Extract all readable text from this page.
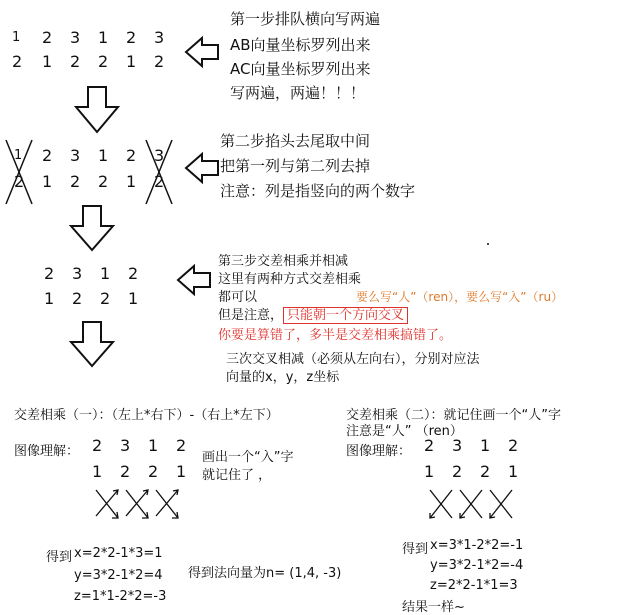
1 2 3 1 2 3
2 1 2 2 1 2
第一步排队横向写两遍
AB向量坐标罗列出来
AC向量坐标罗列出来
写两遍，两遍！！！
1 2 3 1 2 3
2 1 2 2 1 2
第二步掐头去尾取中间
把第一列与第二列去掉
注意：列是指竖向的两个数字
2 3 1 2
1 2 2 1
第三步交差相乘并相减
这里有两种方式交差相乘
都可以
但是注意， 只能朝一个方向交叉
要么写“人”（ren），要么写“入”（ru）
你要是算错了，多半是交差相乘搞错了。
三次交叉相减（必须从左向右），分别对应法
向量的x，y，z坐标
交差相乘（一）：（左上*右下）-（右上*左下）
图像理解： 2 3 1 2
1 2 2 1
画出一个“入”字
就记住了 ，
得到 x=2*2-1*3=1
y=3*2-1*2=4
z=1*1-2*2=-3
得到法向量为n= (1,4, -3)
交差相乘（二）：就记住画一个“人”字
注意是“人” （ren）
图像理解： 2 3 1 2
1 2 2 1
得到 x=3*1-2*2=-1
y=3*2-1*2=-4
z=2*2-1*1=3
结果一样~
